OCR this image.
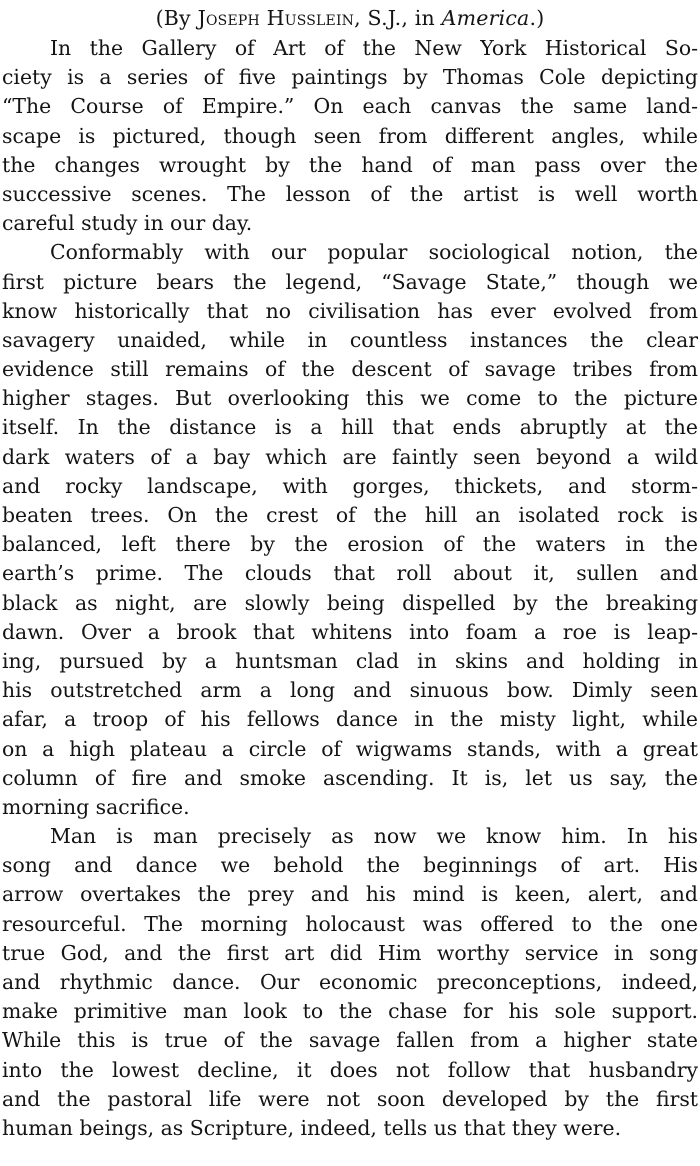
(By Joseph Husslein, S.J., in America.)
In the Gallery of Art of the New York Historical So-
ciety is a series of five paintings by Thomas Cole depicting
“The Course of Empire.” On each canvas the same land-
scape is pictured, though seen from different angles, while
the changes wrought by the hand of man pass over the
successive scenes. The lesson of the artist is well worth
careful study in our day.
Conformably with our popular sociological notion, the
first picture bears the legend, “Savage State,” though we
know historically that no civilisation has ever evolved from
savagery unaided, while in countless instances the clear
evidence still remains of the descent of savage tribes from
higher stages. But overlooking this we come to the picture
itself. In the distance is a hill that ends abruptly at the
dark waters of a bay which are faintly seen beyond a wild
and rocky landscape, with gorges, thickets, and storm-
beaten trees. On the crest of the hill an isolated rock is
balanced, left there by the erosion of the waters in the
earth’s prime. The clouds that roll about it, sullen and
black as night, are slowly being dispelled by the breaking
dawn. Over a brook that whitens into foam a roe is leap-
ing, pursued by a huntsman clad in skins and holding in
his outstretched arm a long and sinuous bow. Dimly seen
afar, a troop of his fellows dance in the misty light, while
on a high plateau a circle of wigwams stands, with a great
column of fire and smoke ascending. It is, let us say, the
morning sacrifice.
Man is man precisely as now we know him. In his
song and dance we behold the beginnings of art. His
arrow overtakes the prey and his mind is keen, alert, and
resourceful. The morning holocaust was offered to the one
true God, and the first art did Him worthy service in song
and rhythmic dance. Our economic preconceptions, indeed,
make primitive man look to the chase for his sole support.
While this is true of the savage fallen from a higher state
into the lowest decline, it does not follow that husbandry
and the pastoral life were not soon developed by the first
human beings, as Scripture, indeed, tells us that they were.
